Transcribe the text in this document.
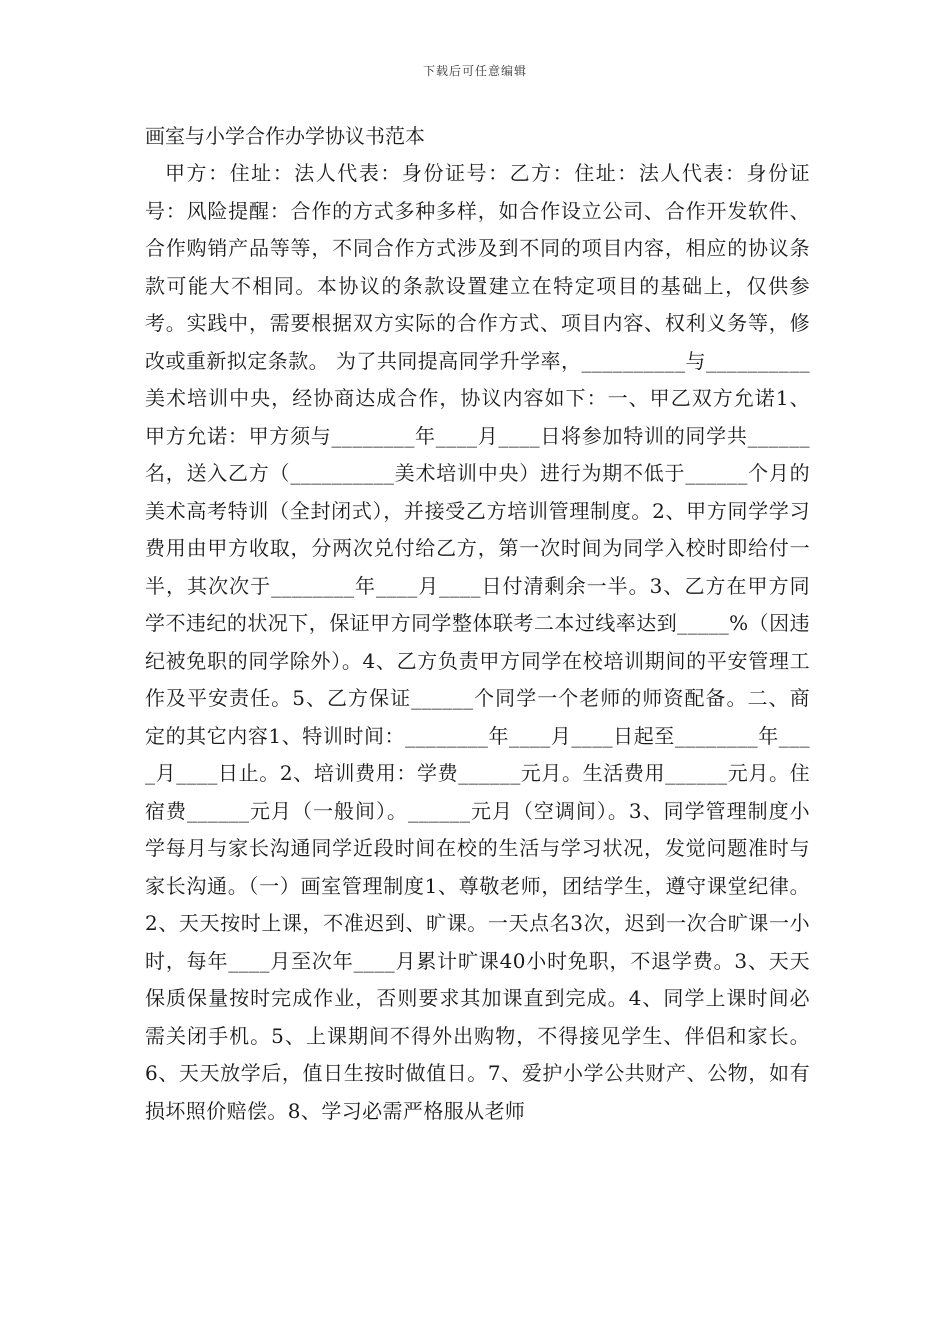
下载后可任意编辑
画室与小学合作办学协议书范本
甲方：住址：法人代表：身份证号：乙方：住址：法人代表：身份证号：风险提醒：合作的方式多种多样，如合作设立公司、合作开发软件、合作购销产品等等，不同合作方式涉及到不同的项目内容，相应的协议条款可能大不相同。本协议的条款设置建立在特定项目的基础上，仅供参考。实践中，需要根据双方实际的合作方式、项目内容、权利义务等，修改或重新拟定条款。 为了共同提高同学升学率，__________与__________美术培训中央，经协商达成合作，协议内容如下：一、甲乙双方允诺1、甲方允诺：甲方须与________年____月____日将参加特训的同学共______名，送入乙方（__________美术培训中央）进行为期不低于______个月的美术高考特训（全封闭式），并接受乙方培训管理制度。2、甲方同学学习费用由甲方收取，分两次兑付给乙方，第一次时间为同学入校时即给付一半，其次次于________年____月____日付清剩余一半。3、乙方在甲方同学不违纪的状况下，保证甲方同学整体联考二本过线率达到_____%（因违纪被免职的同学除外）。4、乙方负责甲方同学在校培训期间的平安管理工作及平安责任。5、乙方保证______个同学一个老师的师资配备。二、商定的其它内容1、特训时间：________年____月____日起至________年____月____日止。2、培训费用：学费______元月。生活费用______元月。住宿费______元月（一般间）。______元月（空调间）。3、同学管理制度小学每月与家长沟通同学近段时间在校的生活与学习状况，发觉问题准时与家长沟通。（一）画室管理制度1、尊敬老师，团结学生，遵守课堂纪律。2、天天按时上课，不准迟到、旷课。一天点名3次，迟到一次合旷课一小时，每年____月至次年____月累计旷课40小时免职，不退学费。3、天天保质保量按时完成作业，否则要求其加课直到完成。4、同学上课时间必需关闭手机。5、上课期间不得外出购物，不得接见学生、伴侣和家长。6、天天放学后，值日生按时做值日。7、爱护小学公共财产、公物，如有损坏照价赔偿。8、学习必需严格服从老师
